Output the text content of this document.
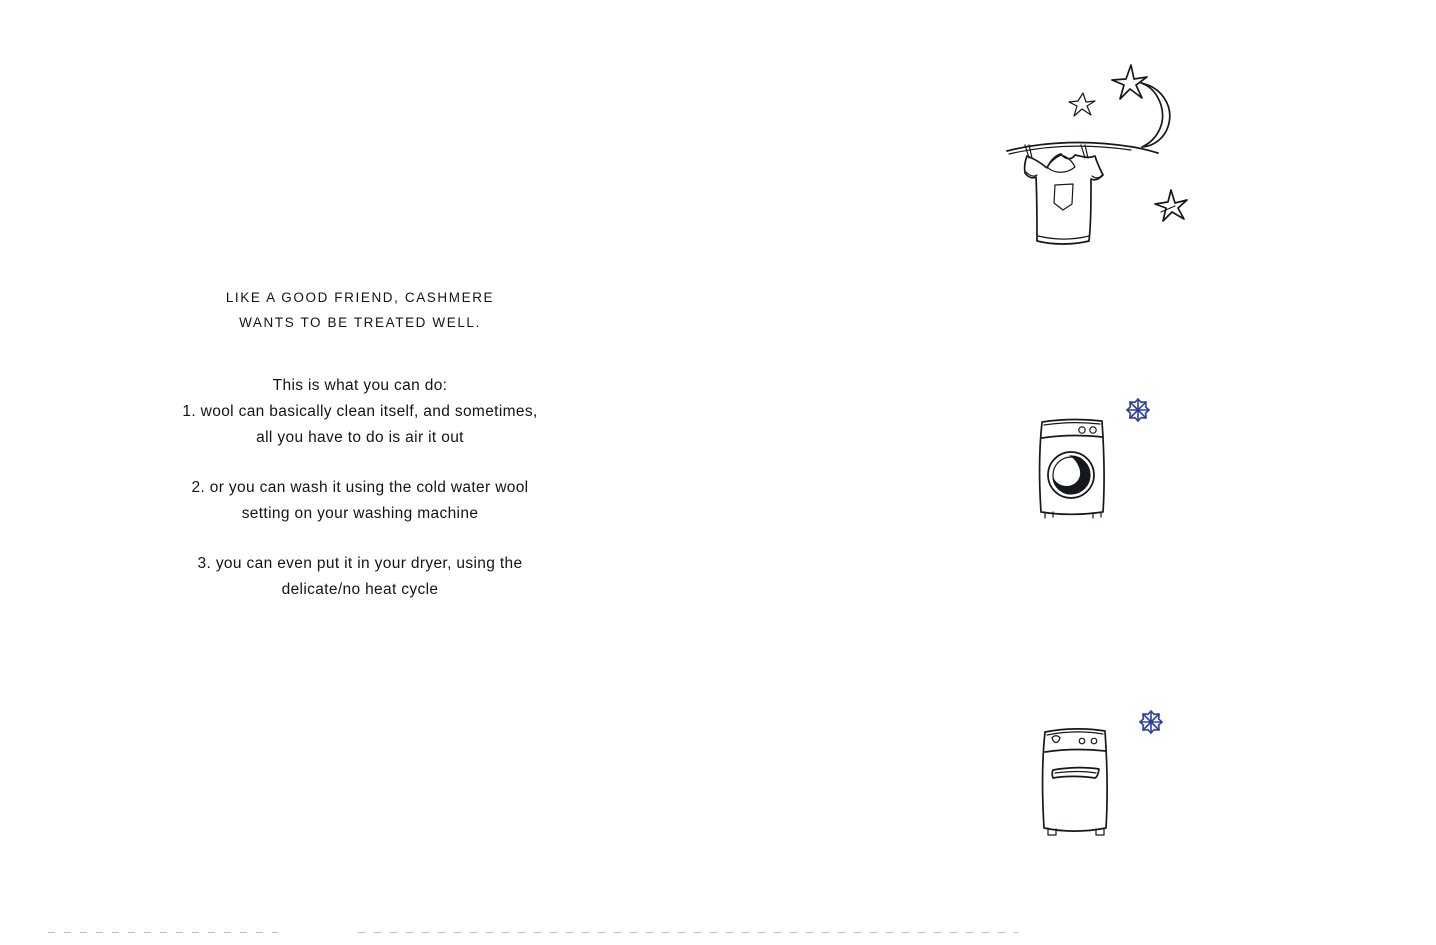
LIKE A GOOD FRIEND, CASHMERE
WANTS TO BE TREATED WELL.
This is what you can do:
1. wool can basically clean itself, and sometimes,
all you have to do is air it out
2. or you can wash it using the cold water wool
setting on your washing machine
3. you can even put it in your dryer, using the
delicate/no heat cycle
